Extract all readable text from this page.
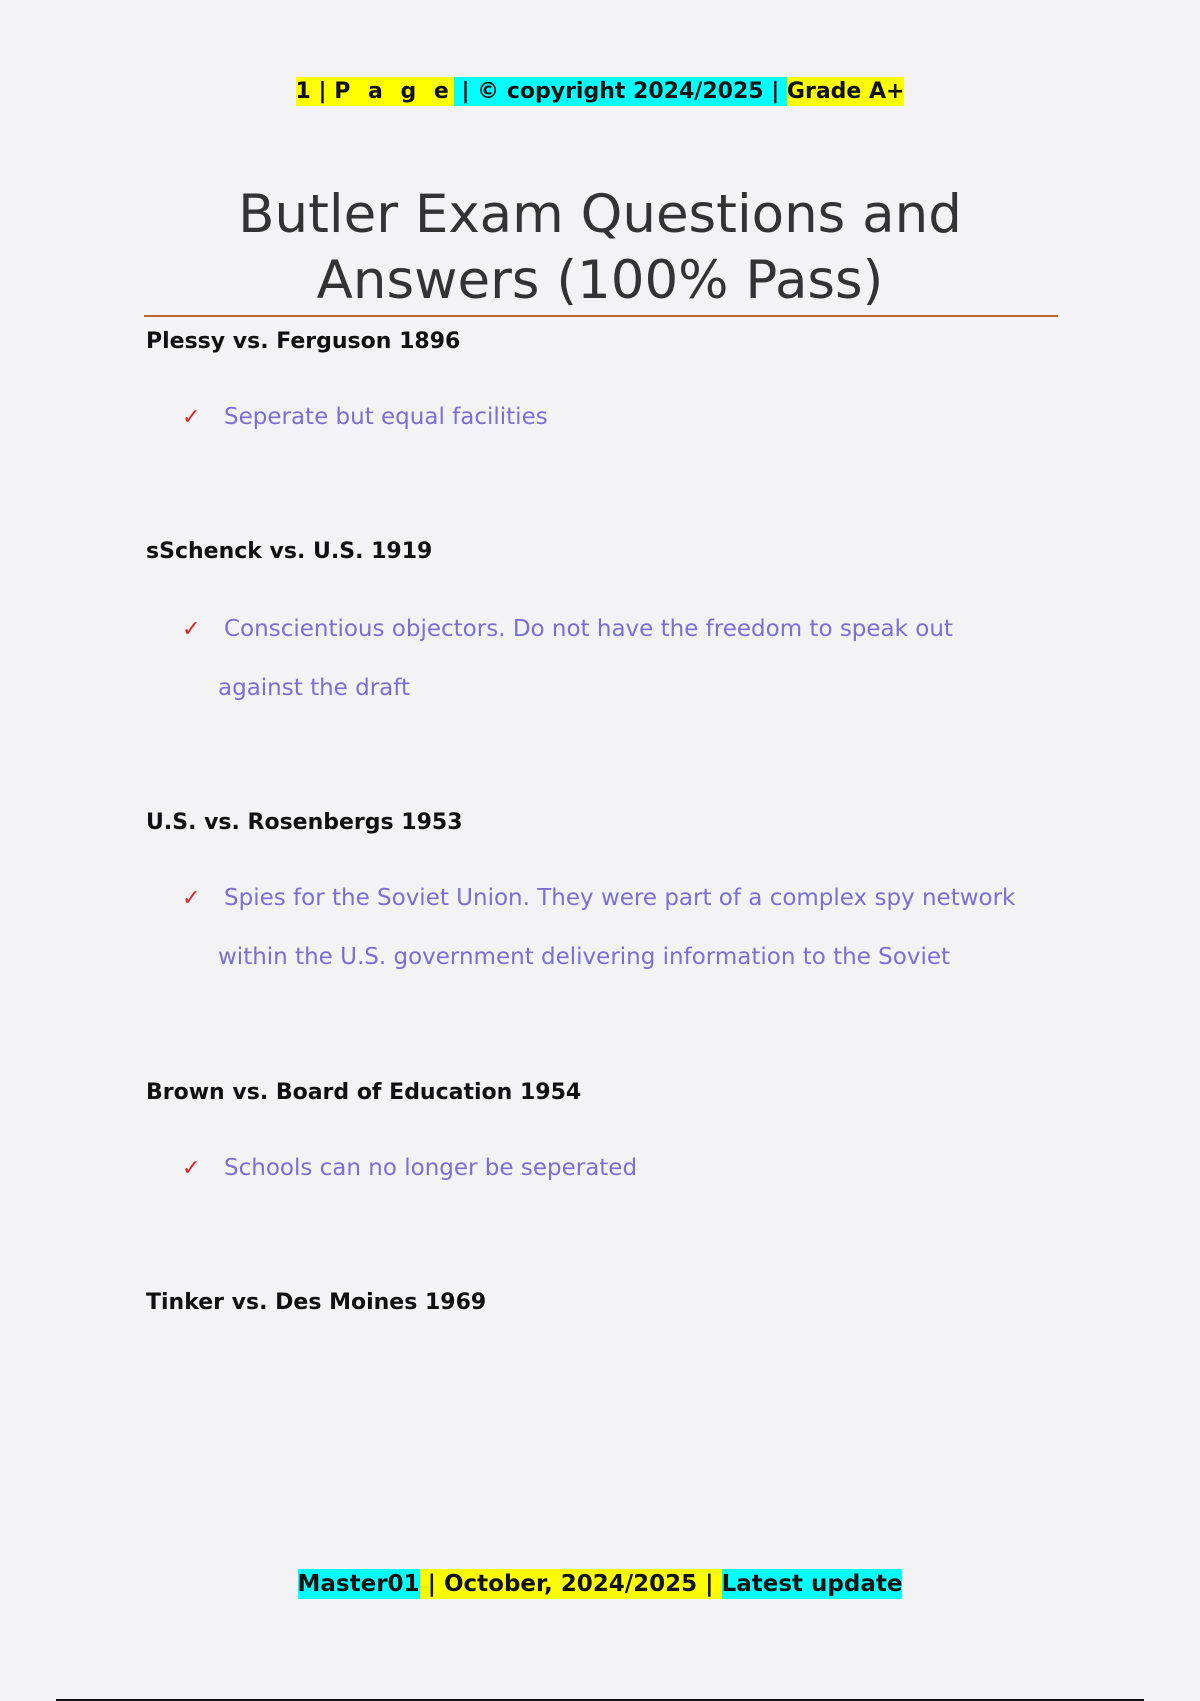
1 | P a g e | © copyright 2024/2025 | Grade A+
Butler Exam Questions and Answers (100% Pass)
Plessy vs. Ferguson 1896
✓ Seperate but equal facilities
sSchenck vs. U.S. 1919
✓ Conscientious objectors. Do not have the freedom to speak out
against the draft
U.S. vs. Rosenbergs 1953
✓ Spies for the Soviet Union. They were part of a complex spy network
within the U.S. government delivering information to the Soviet
Brown vs. Board of Education 1954
✓ Schools can no longer be seperated
Tinker vs. Des Moines 1969
Master01 | October, 2024/2025 | Latest update
